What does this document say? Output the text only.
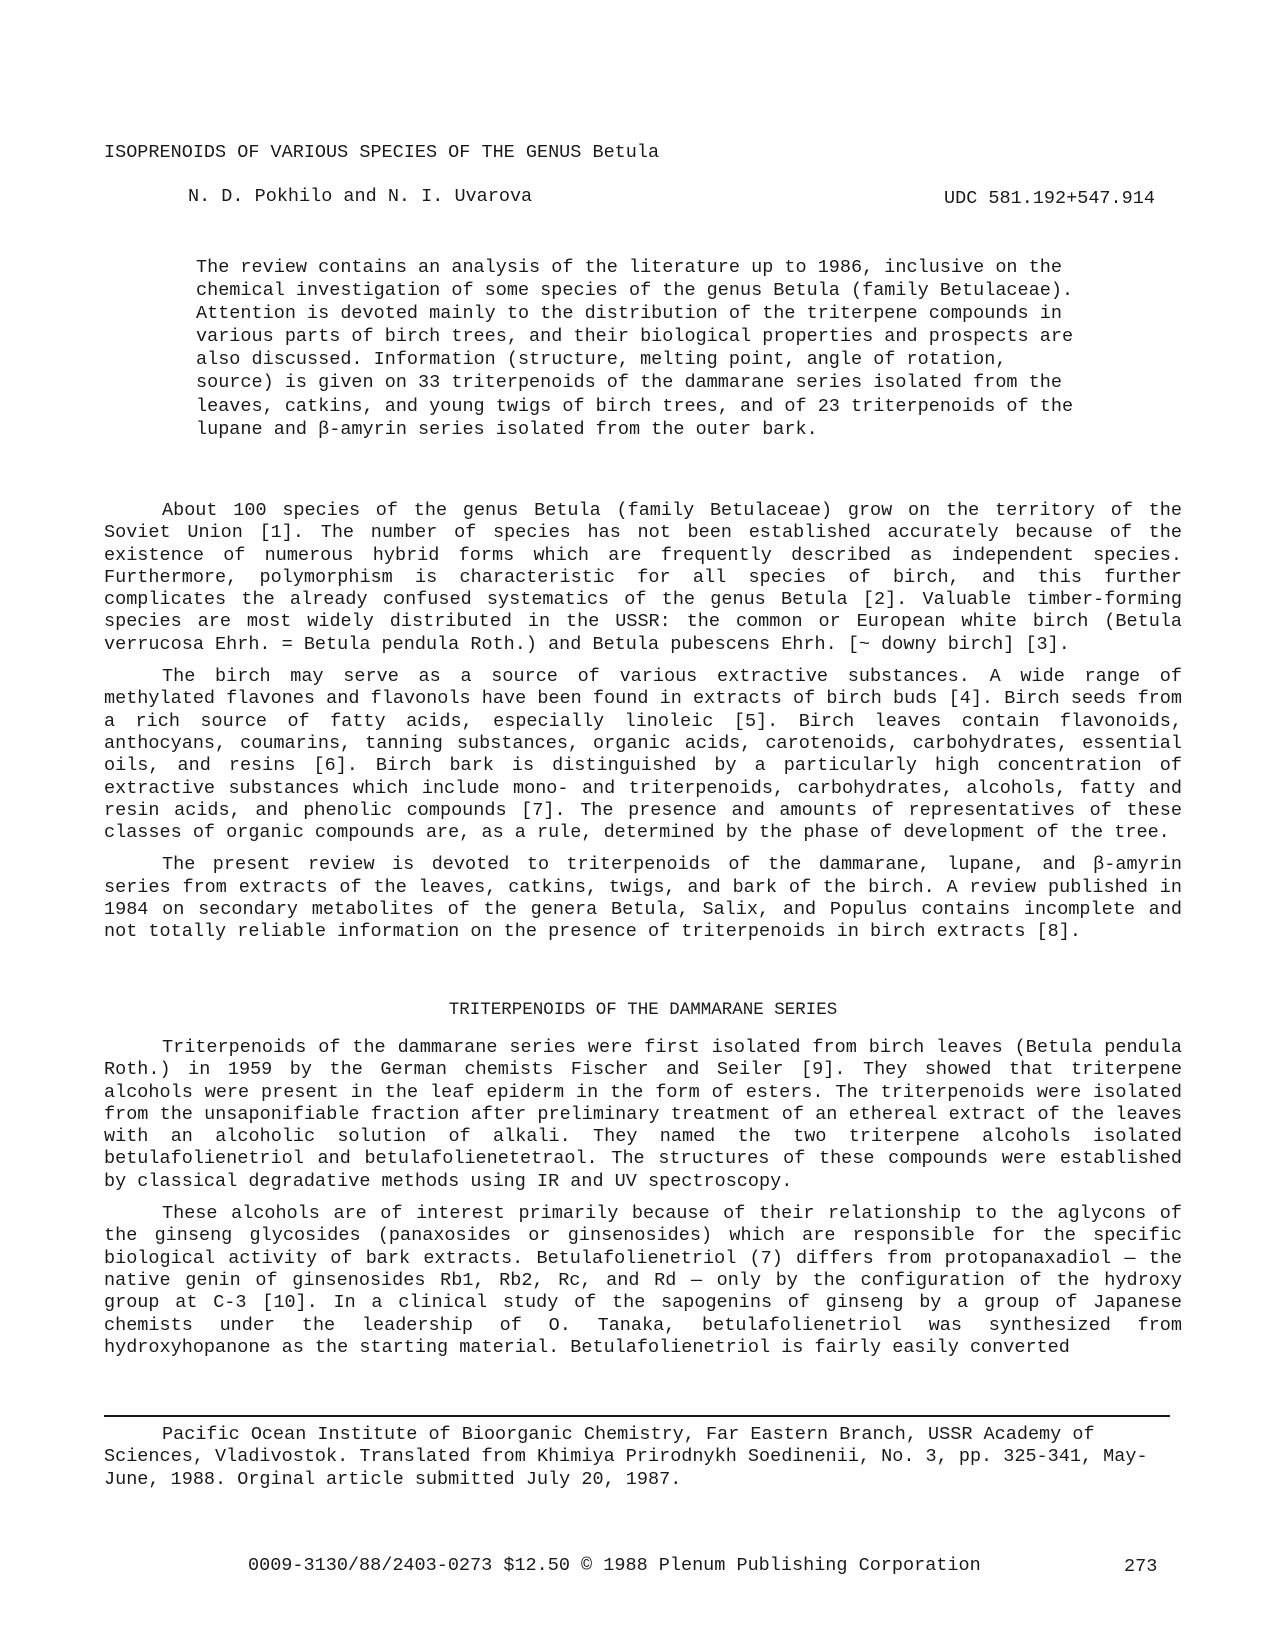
ISOPRENOIDS OF VARIOUS SPECIES OF THE GENUS Betula
N. D. Pokhilo and N. I. Uvarova	UDC 581.192+547.914
The review contains an analysis of the literature up to 1986, inclusive on the chemical investigation of some species of the genus Betula (family Betulaceae). Attention is devoted mainly to the distribution of the triterpene compounds in various parts of birch trees, and their biological properties and prospects are also discussed. Information (structure, melting point, angle of rotation, source) is given on 33 triterpenoids of the dammarane series isolated from the leaves, catkins, and young twigs of birch trees, and of 23 triterpenoids of the lupane and β-amyrin series isolated from the outer bark.

About 100 species of the genus Betula (family Betulaceae) grow on the territory of the Soviet Union [1]. The number of species has not been established accurately because of the existence of numerous hybrid forms which are frequently described as independent species. Furthermore, polymorphism is characteristic for all species of birch, and this further complicates the already confused systematics of the genus Betula [2]. Valuable timber-forming species are most widely distributed in the USSR: the common or European white birch (Betula verrucosa Ehrh. = Betula pendula Roth.) and Betula pubescens Ehrh. [~ downy birch] [3].

The birch may serve as a source of various extractive substances. A wide range of methylated flavones and flavonols have been found in extracts of birch buds [4]. Birch seeds from a rich source of fatty acids, especially linoleic [5]. Birch leaves contain flavonoids, anthocyans, coumarins, tanning substances, organic acids, carotenoids, carbohydrates, essential oils, and resins [6]. Birch bark is distinguished by a particularly high concentration of extractive substances which include mono- and triterpenoids, carbohydrates, alcohols, fatty and resin acids, and phenolic compounds [7]. The presence and amounts of representatives of these classes of organic compounds are, as a rule, determined by the phase of development of the tree.

The present review is devoted to triterpenoids of the dammarane, lupane, and β-amyrin series from extracts of the leaves, catkins, twigs, and bark of the birch. A review published in 1984 on secondary metabolites of the genera Betula, Salix, and Populus contains incomplete and not totally reliable information on the presence of triterpenoids in birch extracts [8].

TRITERPENOIDS OF THE DAMMARANE SERIES

Triterpenoids of the dammarane series were first isolated from birch leaves (Betula pendula Roth.) in 1959 by the German chemists Fischer and Seiler [9]. They showed that triterpene alcohols were present in the leaf epiderm in the form of esters. The triterpenoids were isolated from the unsaponifiable fraction after preliminary treatment of an ethereal extract of the leaves with an alcoholic solution of alkali. They named the two triterpene alcohols isolated betulafolienetriol and betulafolienetetraol. The structures of these compounds were established by classical degradative methods using IR and UV spectroscopy.

These alcohols are of interest primarily because of their relationship to the aglycons of the ginseng glycosides (panaxosides or ginsenosides) which are responsible for the specific biological activity of bark extracts. Betulafolienetriol (7) differs from protopanaxadiol — the native genin of ginsenosides Rb1, Rb2, Rc, and Rd — only by the configuration of the hydroxy group at C-3 [10]. In a clinical study of the sapogenins of ginseng by a group of Japanese chemists under the leadership of O. Tanaka, betulafolienetriol was synthesized from hydroxyhopanone as the starting material. Betulafolienetriol is fairly easily converted

Pacific Ocean Institute of Bioorganic Chemistry, Far Eastern Branch, USSR Academy of Sciences, Vladivostok. Translated from Khimiya Prirodnykh Soedinenii, No. 3, pp. 325-341, May-June, 1988. Orginal article submitted July 20, 1987.
0009-3130/88/2403-0273 $12.50 © 1988 Plenum Publishing Corporation	273
